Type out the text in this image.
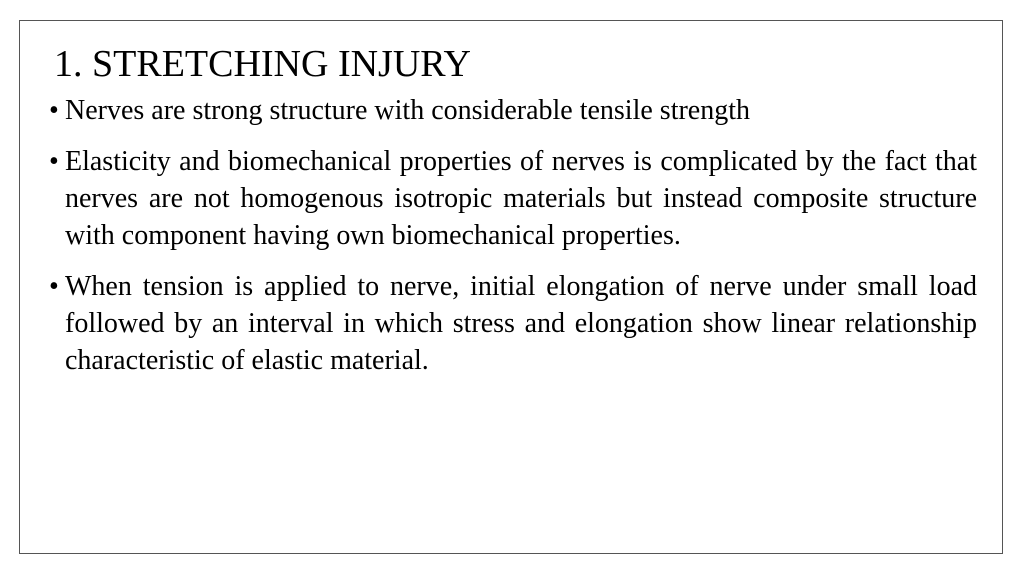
1. STRETCHING INJURY
• Nerves are strong structure with considerable tensile strength
• Elasticity and biomechanical properties of nerves is complicated by the fact that nerves are not homogenous isotropic materials but instead composite structure with component having own biomechanical properties.
• When tension is applied to nerve, initial elongation of nerve under small load followed by an interval in which stress and elongation show linear relationship characteristic of elastic material.
